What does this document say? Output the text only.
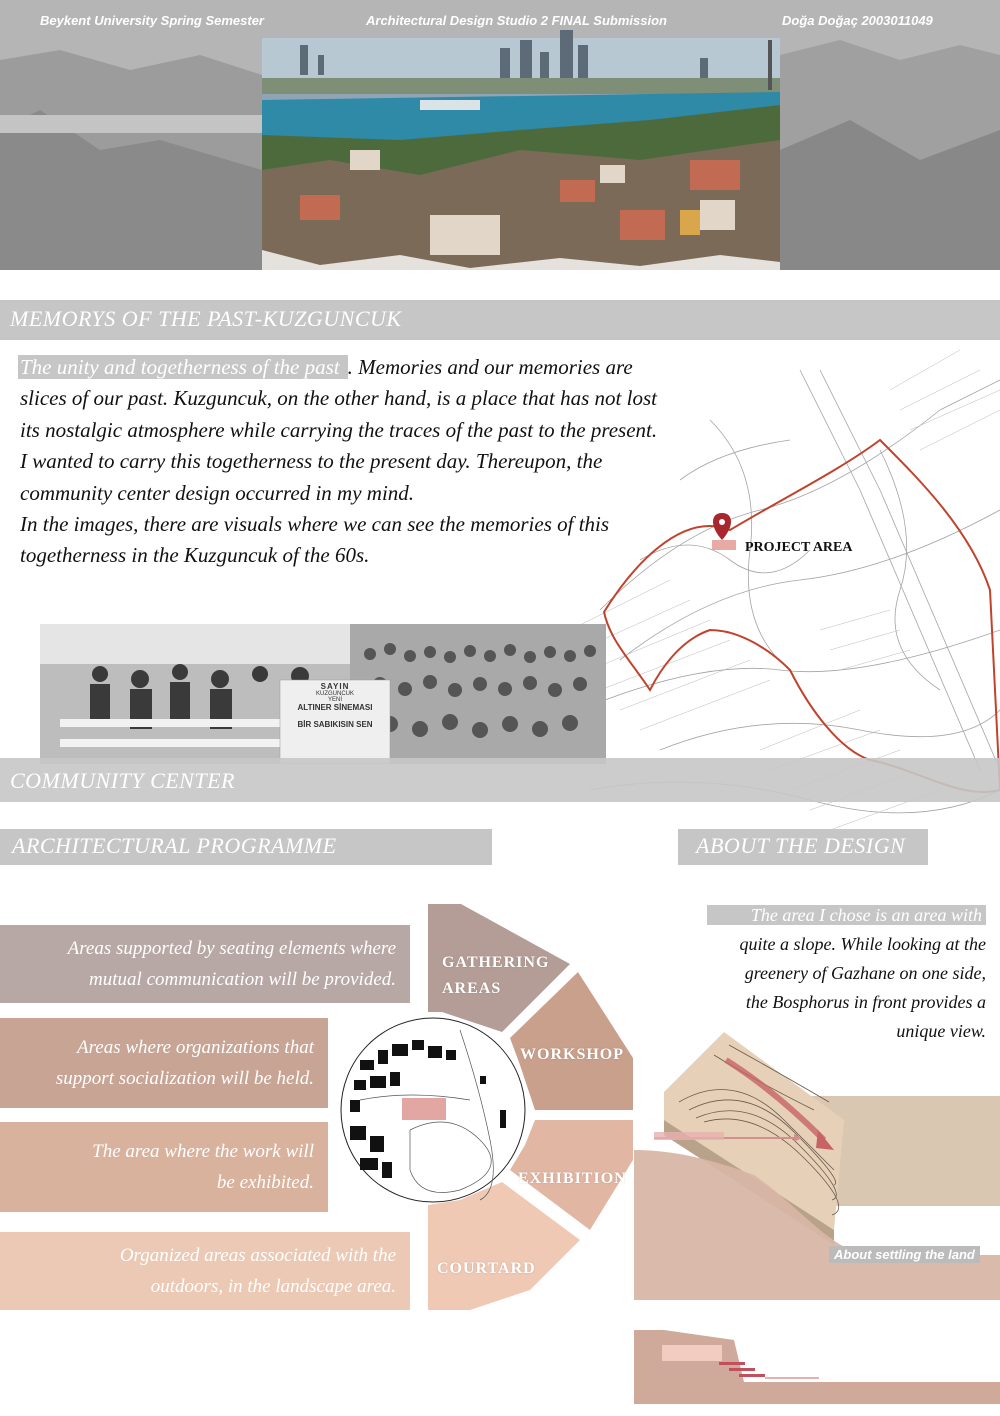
Beykent University Spring Semester	Architectural Design Studio 2 FINAL Submission	Doğa Doğaç 2003011049
MEMORYS OF THE PAST-KUZGUNCUK
PROJECT AREA
The unity and togetherness of the past . Memories and our memories are slices of our past. Kuzguncuk, on the other hand, is a place that has not lost its nostalgic atmosphere while carrying the traces of the past to the present. I wanted to carry this togetherness to the present day. Thereupon, the community center design occurred in my mind.
In the images, there are visuals where we can see the memories of this togetherness in the Kuzguncuk of the 60s.
SAYIN
KUZGUNCUK
YENİ
ALTINER SİNEMASI
BİR SABIKISIN SEN
COMMUNITY CENTER
ARCHITECTURAL PROGRAMME	ABOUT THE DESIGN
The area I chose is an area with
quite a slope. While looking at the
greenery of Gazhane on one side,
the Bosphorus in front provides a
unique view.
Areas supported by seating elements where
mutual communication will be provided.
Areas where organizations that
support socialization will be held.
The area where the work will
be exhibited.
Organized areas associated with the
outdoors, in the landscape area.
GATHERING
AREAS
WORKSHOP
EXHIBITION
COURTARD
About settling the land
